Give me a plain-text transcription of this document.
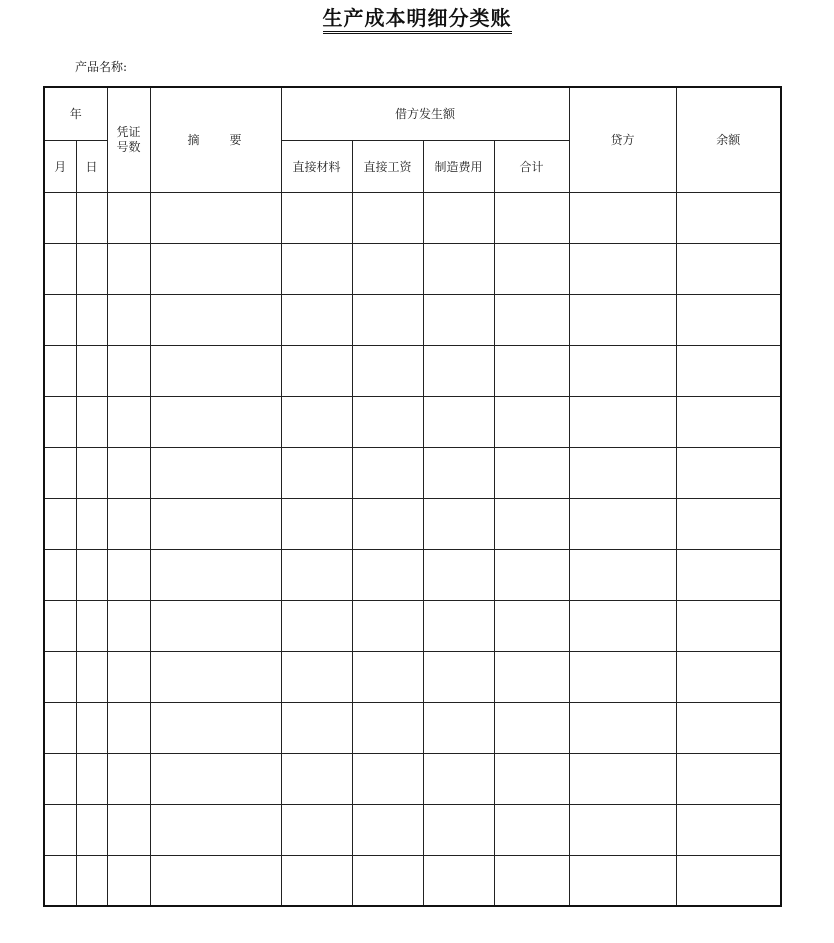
生产成本明细分类账
产品名称:
年		凭证号数	摘　　要	借方发生额				贷方	余额
月	日			直接材料	直接工资	制造费用	合计		
